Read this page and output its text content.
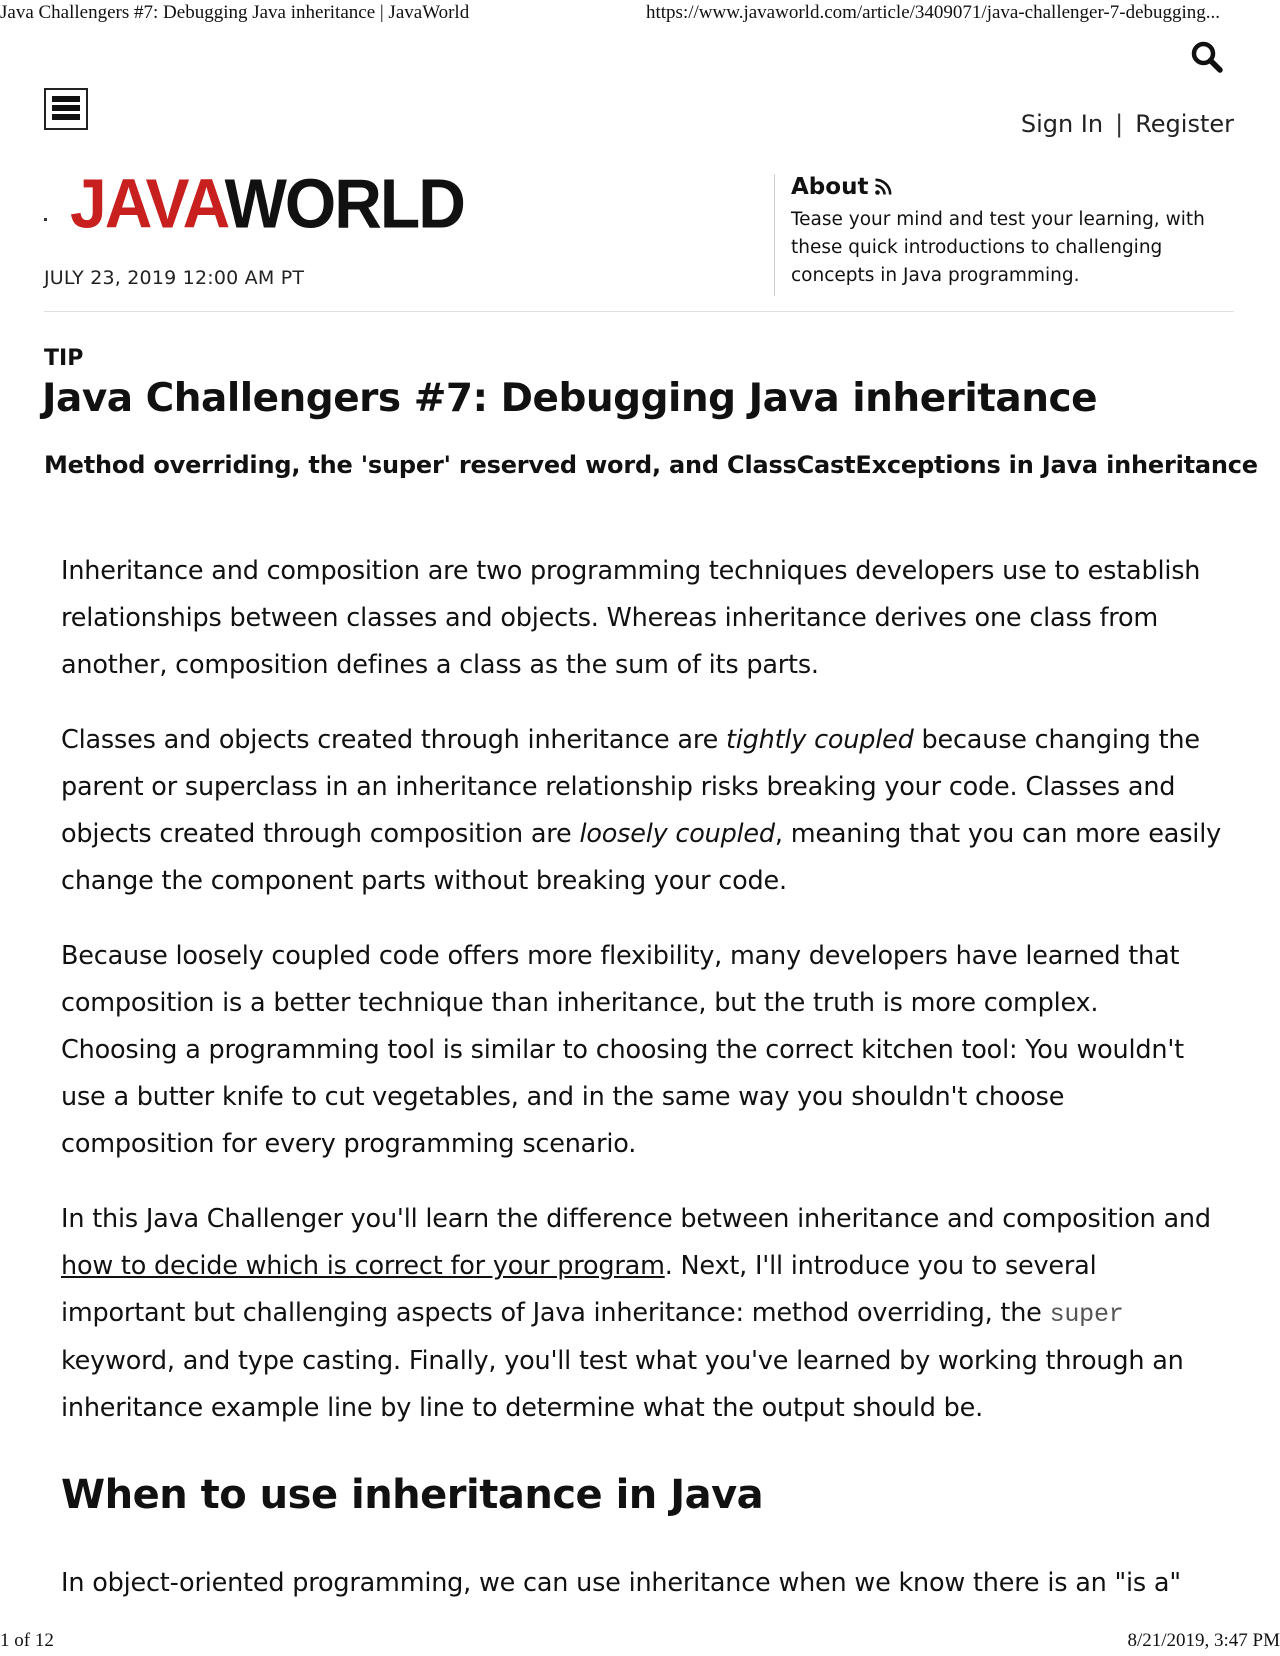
Java Challengers #7: Debugging Java inheritance | JavaWorld	https://www.javaworld.com/article/3409071/java-challenger-7-debugging...
Sign In | Register
JAVAWORLD
JULY 23, 2019 12:00 AM PT
About
Tease your mind and test your learning, with these quick introductions to challenging concepts in Java programming.
TIP
Java Challengers #7: Debugging Java inheritance
Method overriding, the 'super' reserved word, and ClassCastExceptions in Java inheritance

Inheritance and composition are two programming techniques developers use to establish relationships between classes and objects. Whereas inheritance derives one class from another, composition defines a class as the sum of its parts.

Classes and objects created through inheritance are tightly coupled because changing the parent or superclass in an inheritance relationship risks breaking your code. Classes and objects created through composition are loosely coupled, meaning that you can more easily change the component parts without breaking your code.

Because loosely coupled code offers more flexibility, many developers have learned that composition is a better technique than inheritance, but the truth is more complex. Choosing a programming tool is similar to choosing the correct kitchen tool: You wouldn't use a butter knife to cut vegetables, and in the same way you shouldn't choose composition for every programming scenario.

In this Java Challenger you'll learn the difference between inheritance and composition and how to decide which is correct for your program. Next, I'll introduce you to several important but challenging aspects of Java inheritance: method overriding, the super keyword, and type casting. Finally, you'll test what you've learned by working through an inheritance example line by line to determine what the output should be.

When to use inheritance in Java

In object-oriented programming, we can use inheritance when we know there is an "is a"

1 of 12	8/21/2019, 3:47 PM
